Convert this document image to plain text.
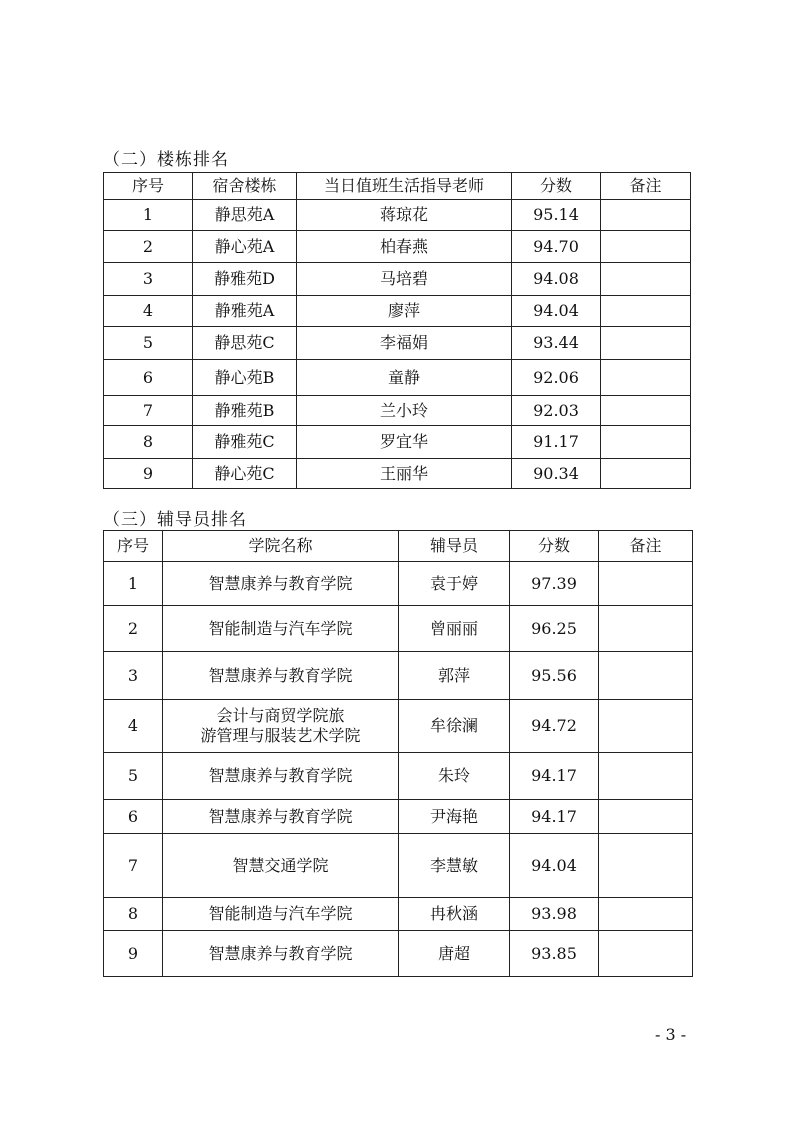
（二）楼栋排名
序号	宿舍楼栋	当日值班生活指导老师	分数	备注
1	静思苑A	蒋琼花	95.14	
2	静心苑A	柏春燕	94.70	
3	静雅苑D	马培碧	94.08	
4	静雅苑A	廖萍	94.04	
5	静思苑C	李福娟	93.44	
6	静心苑B	童静	92.06	
7	静雅苑B	兰小玲	92.03	
8	静雅苑C	罗宜华	91.17	
9	静心苑C	王丽华	90.34	
（三）辅导员排名
序号	学院名称	辅导员	分数	备注
1	智慧康养与教育学院	袁于婷	97.39	
2	智能制造与汽车学院	曾丽丽	96.25	
3	智慧康养与教育学院	郭萍	95.56	
4	会计与商贸学院旅
游管理与服装艺术学院	牟徐澜	94.72	
5	智慧康养与教育学院	朱玲	94.17	
6	智慧康养与教育学院	尹海艳	94.17	
7	智慧交通学院	李慧敏	94.04	
8	智能制造与汽车学院	冉秋涵	93.98	
9	智慧康养与教育学院	唐超	93.85	
- 3 -
